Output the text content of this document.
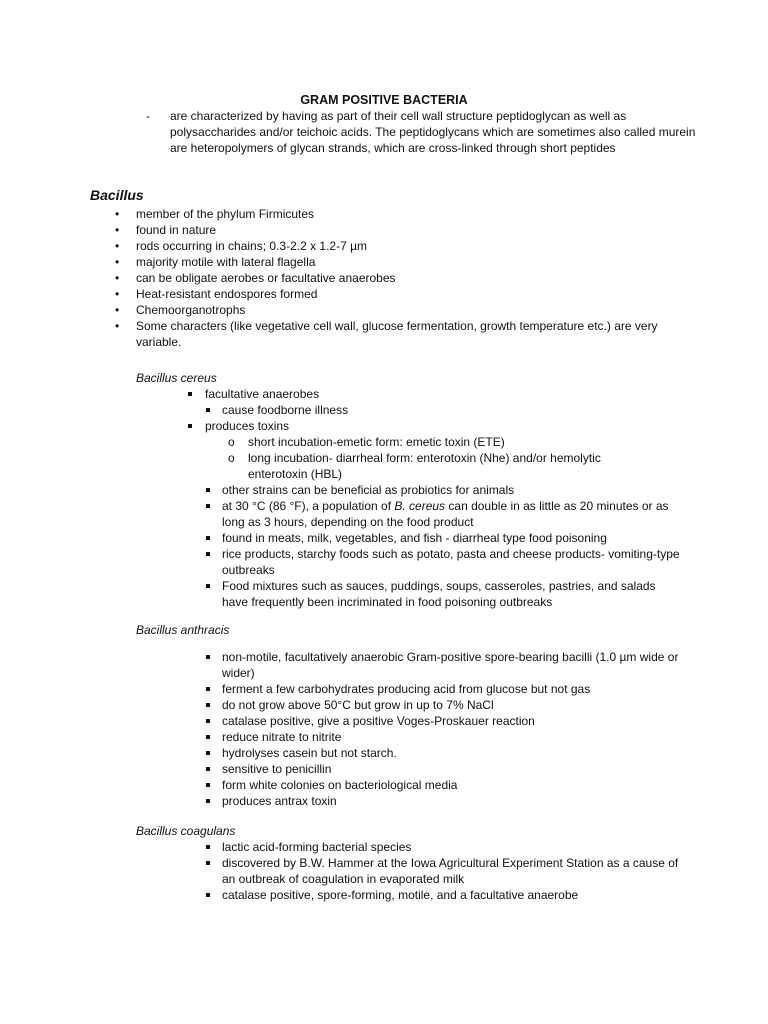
GRAM POSITIVE BACTERIA
-	are characterized by having as part of their cell wall structure peptidoglycan as well as polysaccharides and/or teichoic acids. The peptidoglycans which are sometimes also called murein are heteropolymers of glycan strands, which are cross-linked through short peptides
Bacillus
• member of the phylum Firmicutes
• found in nature
• rods occurring in chains; 0.3-2.2 x 1.2-7 µm
• majority motile with lateral flagella
• can be obligate aerobes or facultative anaerobes
• Heat-resistant endospores formed
• Chemoorganotrophs
• Some characters (like vegetative cell wall, glucose fermentation, growth temperature etc.) are very variable.
Bacillus cereus
facultative anaerobes
cause foodborne illness
produces toxins
o short incubation-emetic form: emetic toxin (ETE)
o long incubation- diarrheal form: enterotoxin (Nhe) and/or hemolytic enterotoxin (HBL)
other strains can be beneficial as probiotics for animals
at 30 °C (86 °F), a population of B. cereus can double in as little as 20 minutes or as long as 3 hours, depending on the food product
found in meats, milk, vegetables, and fish - diarrheal type food poisoning
rice products, starchy foods such as potato, pasta and cheese products- vomiting-type outbreaks
Food mixtures such as sauces, puddings, soups, casseroles, pastries, and salads have frequently been incriminated in food poisoning outbreaks
Bacillus anthracis
non-motile, facultatively anaerobic Gram-positive spore-bearing bacilli (1.0 µm wide or wider)
ferment a few carbohydrates producing acid from glucose but not gas
do not grow above 50°C but grow in up to 7% NaCl
catalase positive, give a positive Voges-Proskauer reaction
reduce nitrate to nitrite
hydrolyses casein but not starch.
sensitive to penicillin
form white colonies on bacteriological media
produces antrax toxin
Bacillus coagulans
lactic acid-forming bacterial species
discovered by B.W. Hammer at the Iowa Agricultural Experiment Station as a cause of an outbreak of coagulation in evaporated milk
catalase positive, spore-forming, motile, and a facultative anaerobe
